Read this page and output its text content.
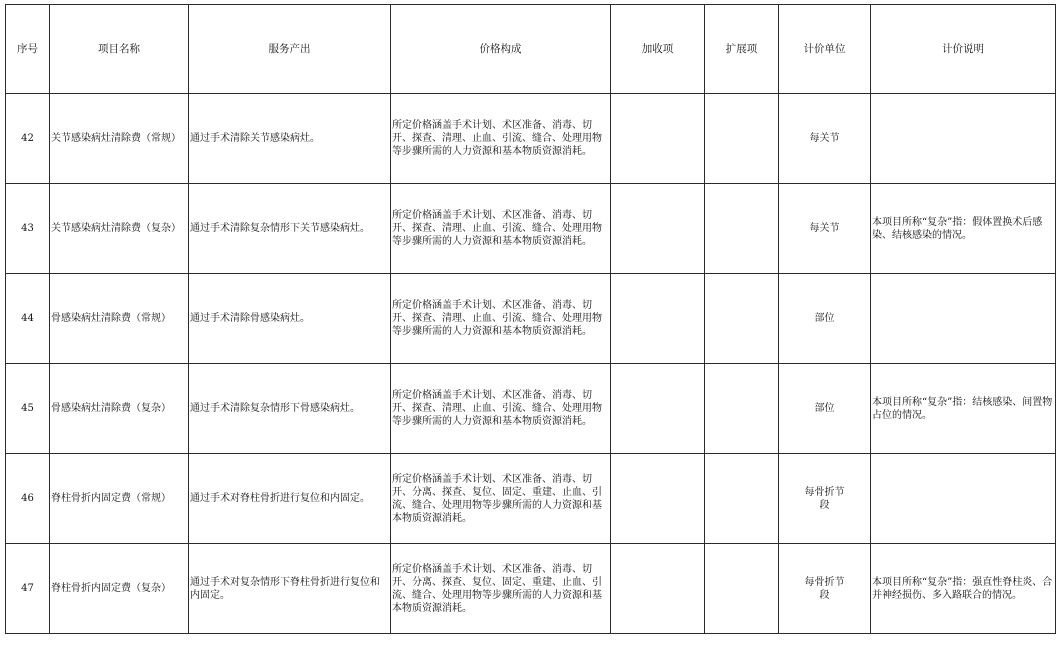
序号	项目名称	服务产出	价格构成	加收项	扩展项	计价单位	计价说明
42	关节感染病灶清除费（常规）	通过手术清除关节感染病灶。	所定价格涵盖手术计划、术区准备、消毒、切开、探查、清理、止血、引流、缝合、处理用物等步骤所需的人力资源和基本物质资源消耗。			每关节	
43	关节感染病灶清除费（复杂）	通过手术清除复杂情形下关节感染病灶。	所定价格涵盖手术计划、术区准备、消毒、切开、探查、清理、止血、引流、缝合、处理用物等步骤所需的人力资源和基本物质资源消耗。			每关节	本项目所称“复杂”指：假体置换术后感染、结核感染的情况。
44	骨感染病灶清除费（常规）	通过手术清除骨感染病灶。	所定价格涵盖手术计划、术区准备、消毒、切开、探查、清理、止血、引流、缝合、处理用物等步骤所需的人力资源和基本物质资源消耗。			部位	
45	骨感染病灶清除费（复杂）	通过手术清除复杂情形下骨感染病灶。	所定价格涵盖手术计划、术区准备、消毒、切开、探查、清理、止血、引流、缝合、处理用物等步骤所需的人力资源和基本物质资源消耗。			部位	本项目所称“复杂”指：结核感染、间置物占位的情况。
46	脊柱骨折内固定费（常规）	通过手术对脊柱骨折进行复位和内固定。	所定价格涵盖手术计划、术区准备、消毒、切开、分离、探查、复位、固定、重建、止血、引流、缝合、处理用物等步骤所需的人力资源和基本物质资源消耗。			每骨折节段	
47	脊柱骨折内固定费（复杂）	通过手术对复杂情形下脊柱骨折进行复位和内固定。	所定价格涵盖手术计划、术区准备、消毒、切开、分离、探查、复位、固定、重建、止血、引流、缝合、处理用物等步骤所需的人力资源和基本物质资源消耗。			每骨折节段	本项目所称“复杂”指：强直性脊柱炎、合并神经损伤、多入路联合的情况。
